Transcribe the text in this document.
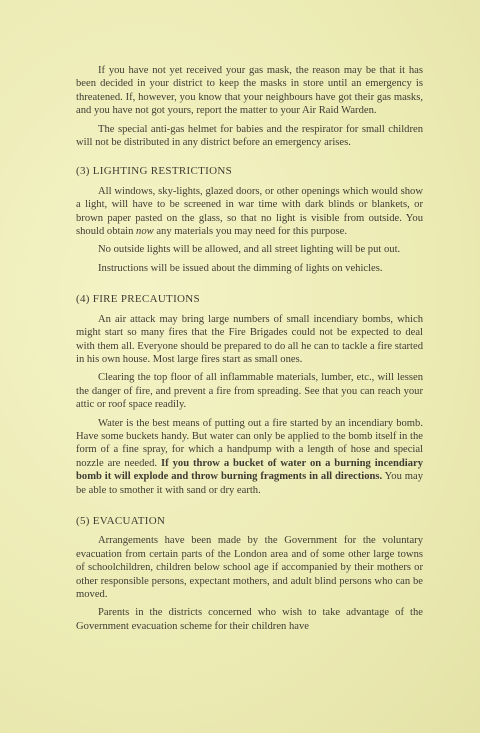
If you have not yet received your gas mask, the reason may be that it has been decided in your district to keep the masks in store until an emergency is threatened. If, however, you know that your neighbours have got their gas masks, and you have not got yours, report the matter to your Air Raid Warden.

The special anti-gas helmet for babies and the respirator for small children will not be distributed in any district before an emergency arises.

(3) LIGHTING RESTRICTIONS

All windows, sky-lights, glazed doors, or other openings which would show a light, will have to be screened in war time with dark blinds or blankets, or brown paper pasted on the glass, so that no light is visible from outside. You should obtain now any materials you may need for this purpose.

No outside lights will be allowed, and all street lighting will be put out.

Instructions will be issued about the dimming of lights on vehicles.

(4) FIRE PRECAUTIONS

An air attack may bring large numbers of small incendiary bombs, which might start so many fires that the Fire Brigades could not be expected to deal with them all. Everyone should be prepared to do all he can to tackle a fire started in his own house. Most large fires start as small ones.

Clearing the top floor of all inflammable materials, lumber, etc., will lessen the danger of fire, and prevent a fire from spreading. See that you can reach your attic or roof space readily.

Water is the best means of putting out a fire started by an incendiary bomb. Have some buckets handy. But water can only be applied to the bomb itself in the form of a fine spray, for which a handpump with a length of hose and special nozzle are needed. If you throw a bucket of water on a burning incendiary bomb it will explode and throw burning fragments in all directions. You may be able to smother it with sand or dry earth.

(5) EVACUATION

Arrangements have been made by the Government for the voluntary evacuation from certain parts of the London area and of some other large towns of schoolchildren, children below school age if accompanied by their mothers or other responsible persons, expectant mothers, and adult blind persons who can be moved.

Parents in the districts concerned who wish to take advantage of the Government evacuation scheme for their children have
